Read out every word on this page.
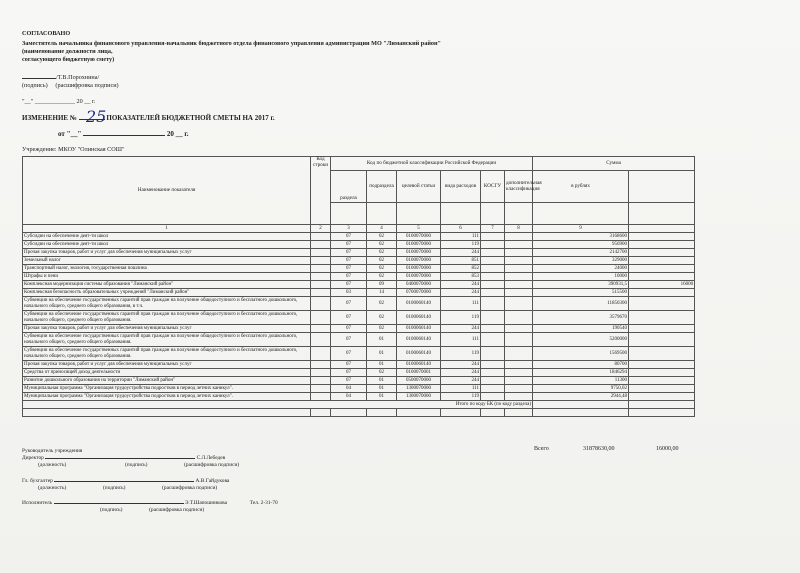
СОГЛАСОВАНО
Заместитель начальника финансового управления-начальник бюджетного отдела финансового управления администрации МО "Лиманский район"
(наименование должности лица,
согласующего бюджетную смету)
/Т.В.Порохнина/
(подпись) (расшифровка подписи)
"__" _____________ 20 __ г.
ИЗМЕНЕНИЕ №	ПОКАЗАТЕЛЕЙ БЮДЖЕТНОЙ СМЕТЫ НА 2017 г.
25
от "__"	20 __ г.
Учреждение: МКОУ "Олинская СОШ"
Наименование показателя	Код строки	Код по бюджетной классификации Российской Федерации						Сумма	
		раздела	подраздела	целевой статьи	вида расходов	КОСГУ	дополнительная классификация	в рублях	

1	2	3	4	5	6	7	8	9	
Субсидии на обеспечение деят-ти школ		07	02	0100070000	111			3168600	
Субсидии на обеспечение деят-ти школ		07	02	0100070000	119			956900	
Прочая закупка товаров, работ и услуг для обеспечения муниципальных услуг		07	02	0100070000	244			2142700	
Земельный налог		07	02	0100070000	851			329000	
Транспортный налог, экология, государственная пошлина		07	02	0100070000	852			24000	
Штрафы и пени		07	02	0100070000	853			10000	
Комплексная модернизация системы образования "Лиманский район"		07	09	0400070000	244			390931,5	16000
Комплексная безопасность образовательных учреждений "Лиманский район"		03	14	0700070000	244			515500	
Субвенции на обеспечение государственных гарантий прав граждан на получение общедоступного и бесплатного дошкольного, начального общего, среднего общего образования, в т.ч.		07	02	0100060140	111			11850300	
Субвенции на обеспечение государственных гарантий прав граждан на получение общедоступного и бесплатного дошкольного, начального общего, среднего общего образования.		07	02	0100060140	119			3579670	
Прочая закупка товаров, работ и услуг для обеспечения муниципальных услуг		07	02	0100060140	244			190540	
Субвенции на обеспечение государственных гарантий прав граждан на получение общедоступного и бесплатного дошкольного, начального общего, среднего общего образования.		07	01	0100060140	111			5200000	
Субвенции на обеспечение государственных гарантий прав граждан на получение общедоступного и бесплатного дошкольного, начального общего, среднего общего образования.		07	01	0100060140	119			1569500	
Прочая закупка товаров, работ и услуг для обеспечения муниципальных услуг		07	01	0100060140	244			80700	
Средства от приносящей доход деятельности		07	02	0100070001	244			1846294	
Развитие дошкольного образования на территории "Лиманский район"		07	01	0500070000	244			11300	
Муниципальная программа "Организация трудоустройства подростков в период летних каникул".		04	01	1300070000	111			9750,02	
Муниципальная программа "Организация трудоустройства подростков в период летних каникул".		04	01	1300070000	119			2944,48	
Итого по коду БК (по коду раздела)									

Всего	31878630,00	16000,00
Руководитель учреждения
Директор	С.Л.Лебедев
(должность)	(подпись)	(расшифровка подписи)
Гл. бухгалтер	А.В.Гайдукова
(должность)	(подпись)	(расшифровка подписи)
Исполнитель	Э.Т.Шапошникова	Тел. 2-31-70
(подпись)	(расшифровка подписи)
